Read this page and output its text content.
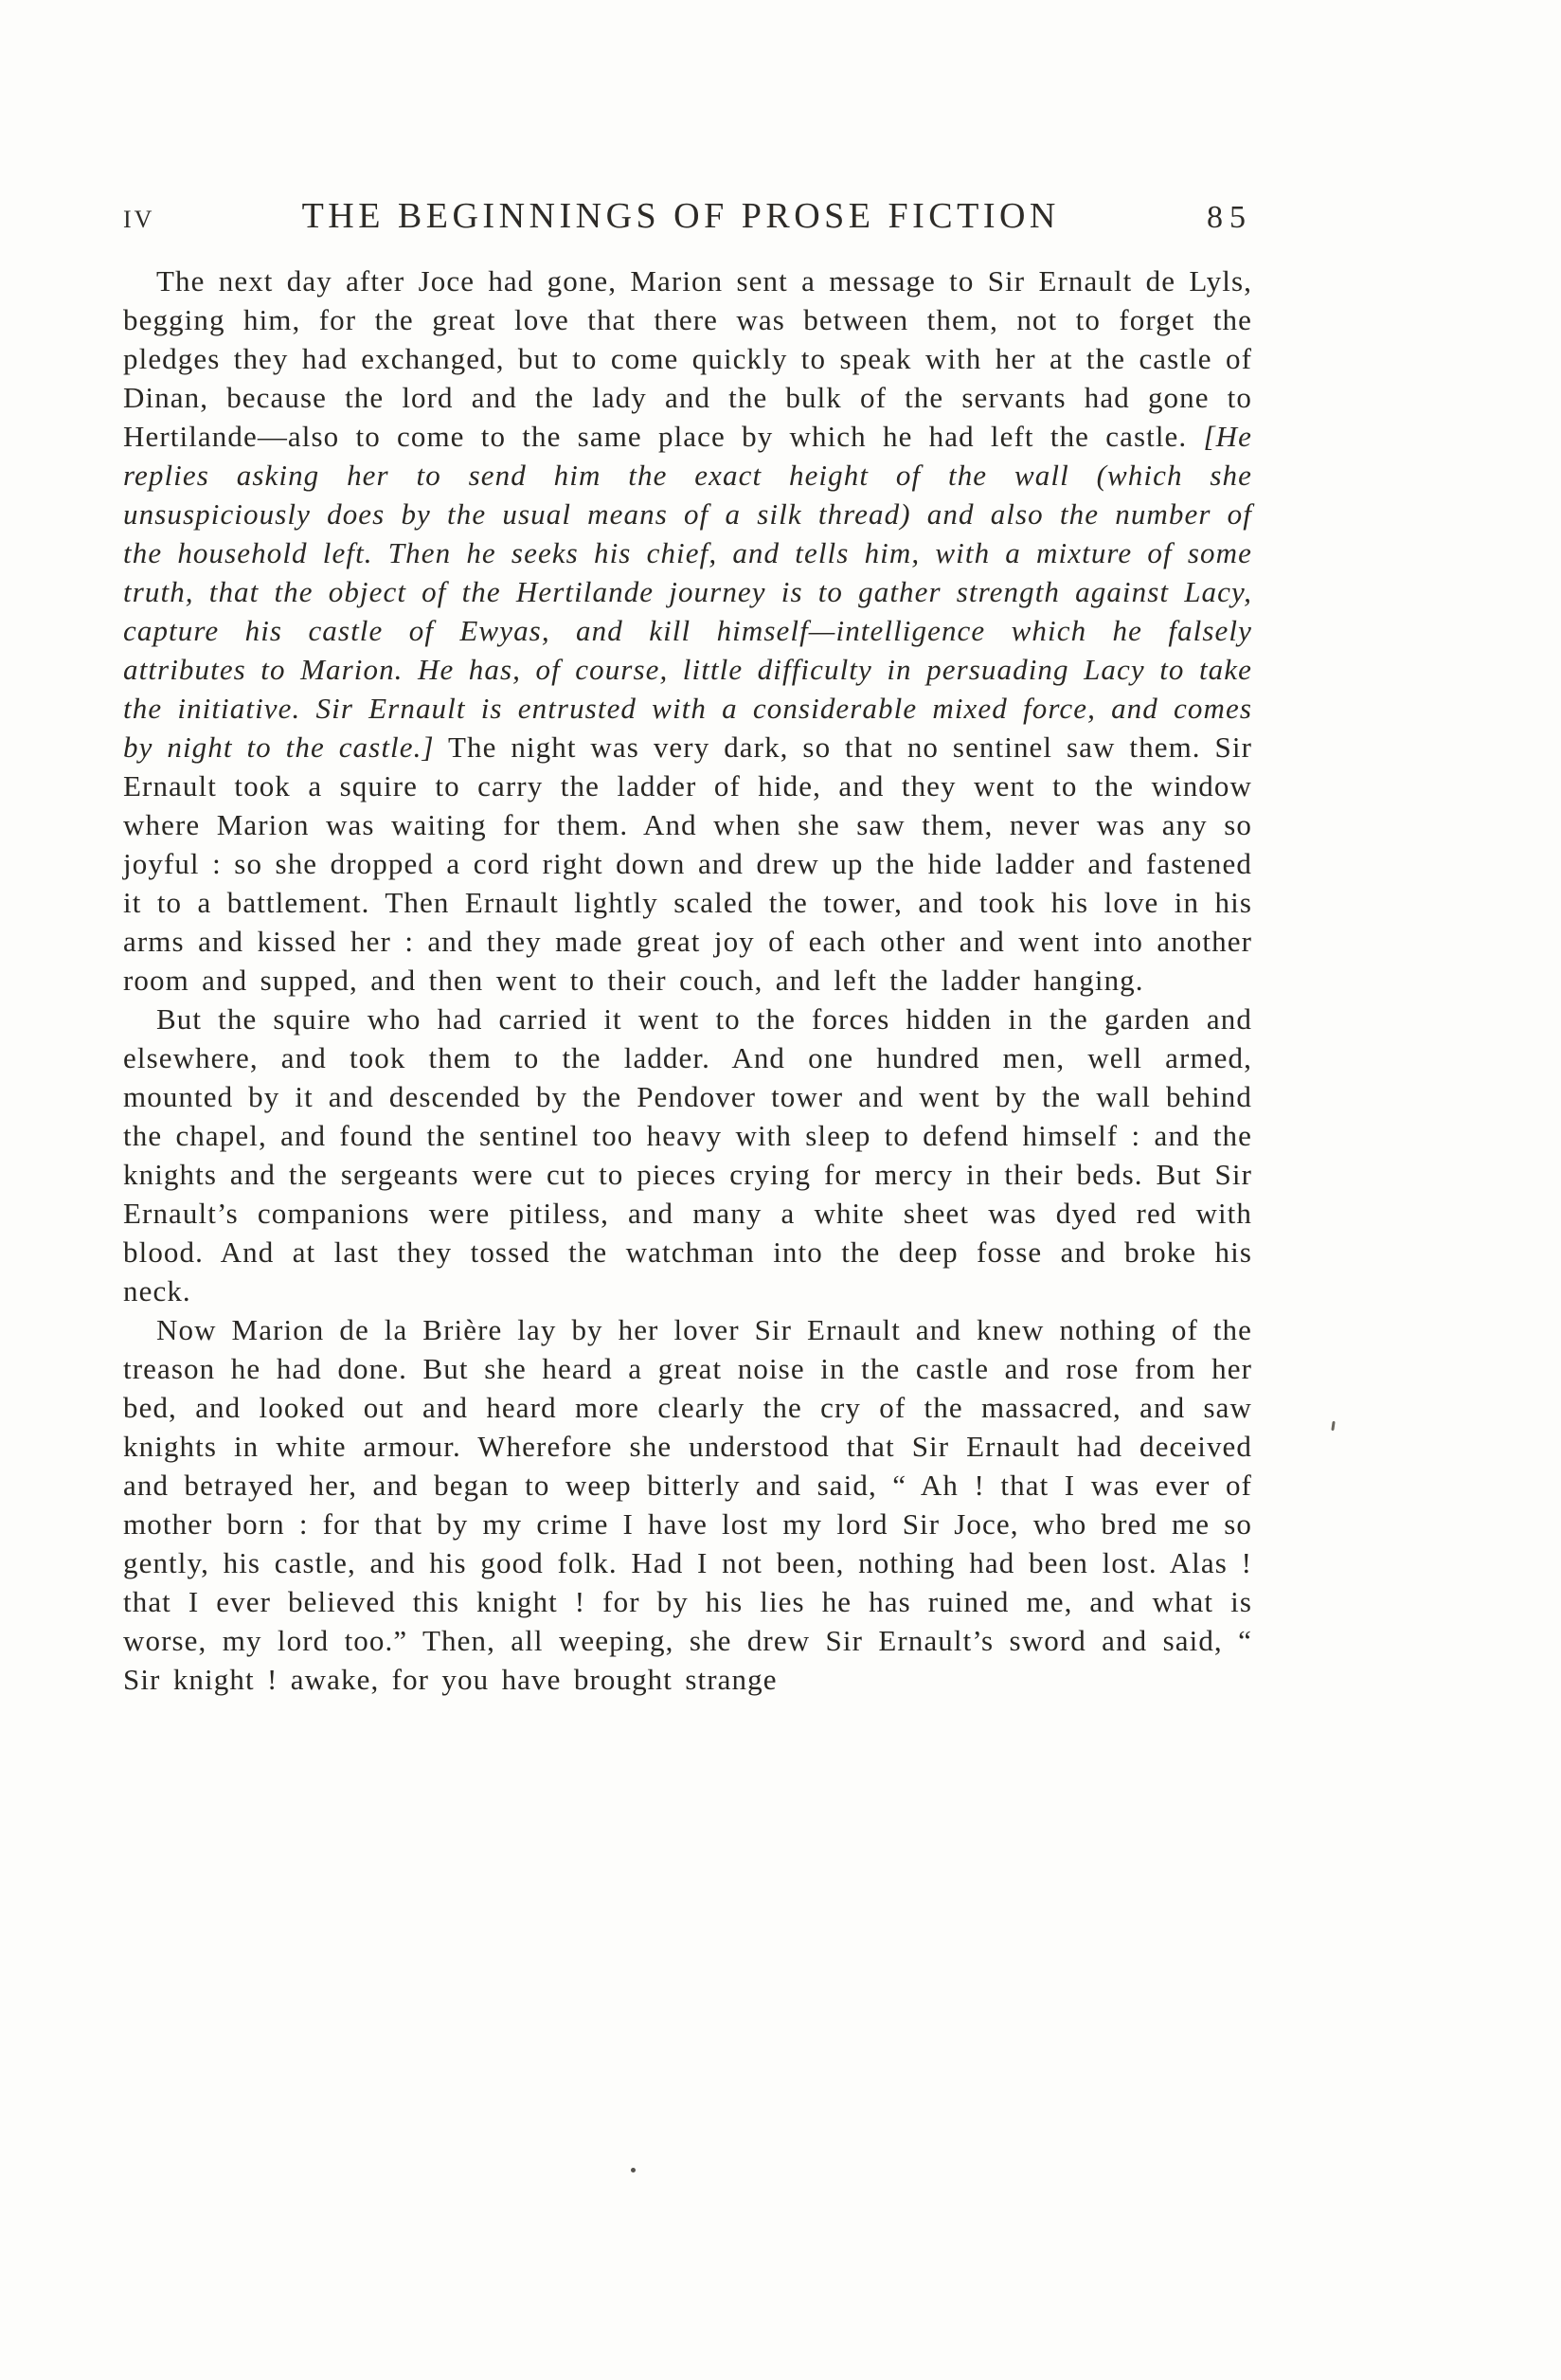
IV	THE BEGINNINGS OF PROSE FICTION	85

The next day after Joce had gone, Marion sent a message to Sir Ernault de Lyls, begging him, for the great love that there was between them, not to forget the pledges they had exchanged, but to come quickly to speak with her at the castle of Dinan, because the lord and the lady and the bulk of the servants had gone to Hertilande—also to come to the same place by which he had left the castle. [He replies asking her to send him the exact height of the wall (which she unsuspiciously does by the usual means of a silk thread) and also the number of the household left. Then he seeks his chief, and tells him, with a mixture of some truth, that the object of the Hertilande journey is to gather strength against Lacy, capture his castle of Ewyas, and kill himself—intelligence which he falsely attributes to Marion. He has, of course, little difficulty in persuading Lacy to take the initiative. Sir Ernault is entrusted with a considerable mixed force, and comes by night to the castle.] The night was very dark, so that no sentinel saw them. Sir Ernault took a squire to carry the ladder of hide, and they went to the window where Marion was waiting for them. And when she saw them, never was any so joyful : so she dropped a cord right down and drew up the hide ladder and fastened it to a battlement. Then Ernault lightly scaled the tower, and took his love in his arms and kissed her : and they made great joy of each other and went into another room and supped, and then went to their couch, and left the ladder hanging.

But the squire who had carried it went to the forces hidden in the garden and elsewhere, and took them to the ladder. And one hundred men, well armed, mounted by it and descended by the Pendover tower and went by the wall behind the chapel, and found the sentinel too heavy with sleep to defend himself : and the knights and the sergeants were cut to pieces crying for mercy in their beds. But Sir Ernault’s companions were pitiless, and many a white sheet was dyed red with blood. And at last they tossed the watchman into the deep fosse and broke his neck.

Now Marion de la Brière lay by her lover Sir Ernault and knew nothing of the treason he had done. But she heard a great noise in the castle and rose from her bed, and looked out and heard more clearly the cry of the massacred, and saw knights in white armour. Wherefore she understood that Sir Ernault had deceived and betrayed her, and began to weep bitterly and said, “ Ah ! that I was ever of mother born : for that by my crime I have lost my lord Sir Joce, who bred me so gently, his castle, and his good folk. Had I not been, nothing had been lost. Alas ! that I ever believed this knight ! for by his lies he has ruined me, and what is worse, my lord too.” Then, all weeping, she drew Sir Ernault’s sword and said, “ Sir knight ! awake, for you have brought strange
